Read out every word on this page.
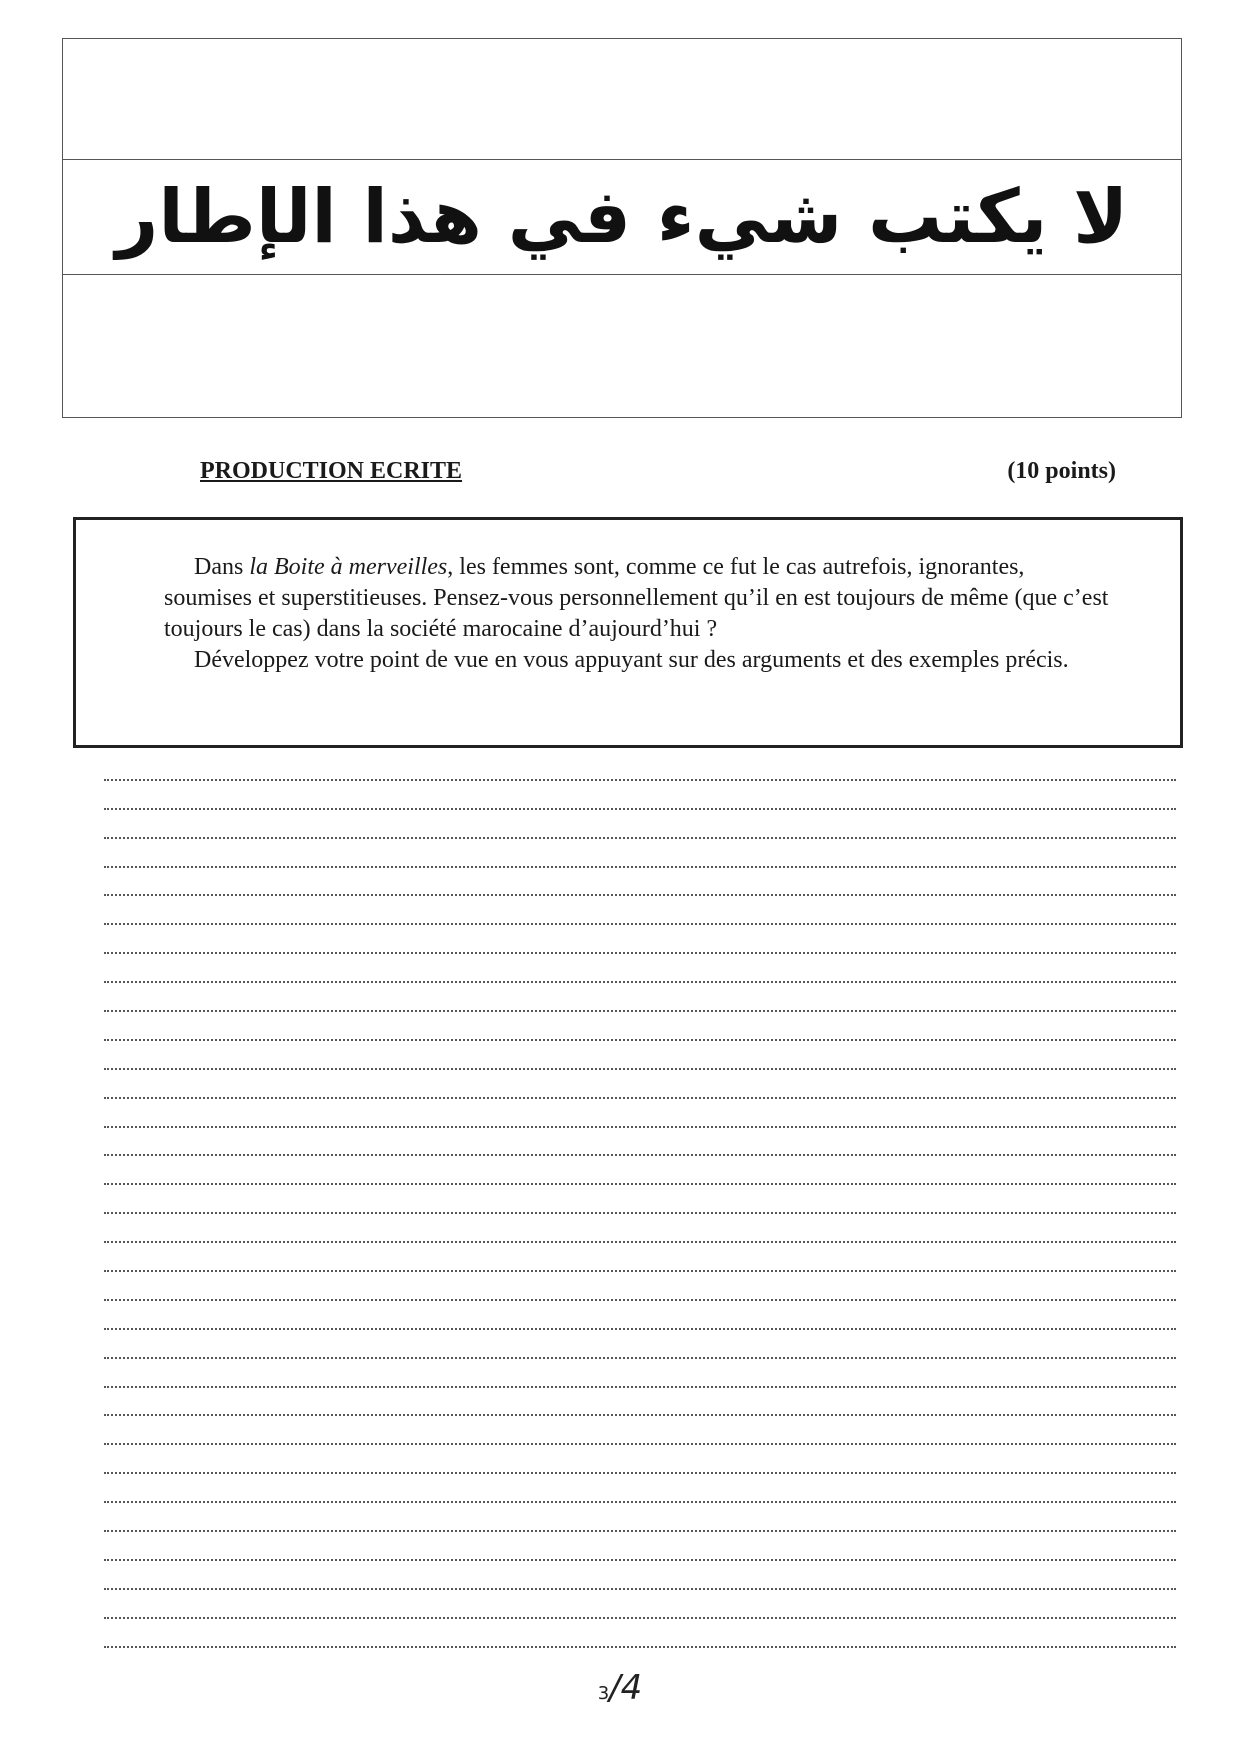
لا يكتب شيء في هذا الإطار
PRODUCTION ECRITE	(10 points)

Dans la Boite à merveilles, les femmes sont, comme ce fut le cas autrefois, ignorantes, soumises et superstitieuses. Pensez-vous personnellement qu’il en est toujours de même (que c’est toujours le cas) dans la société marocaine d’aujourd’hui ?

Développez votre point de vue en vous appuyant sur des arguments et des exemples précis.

3/4
